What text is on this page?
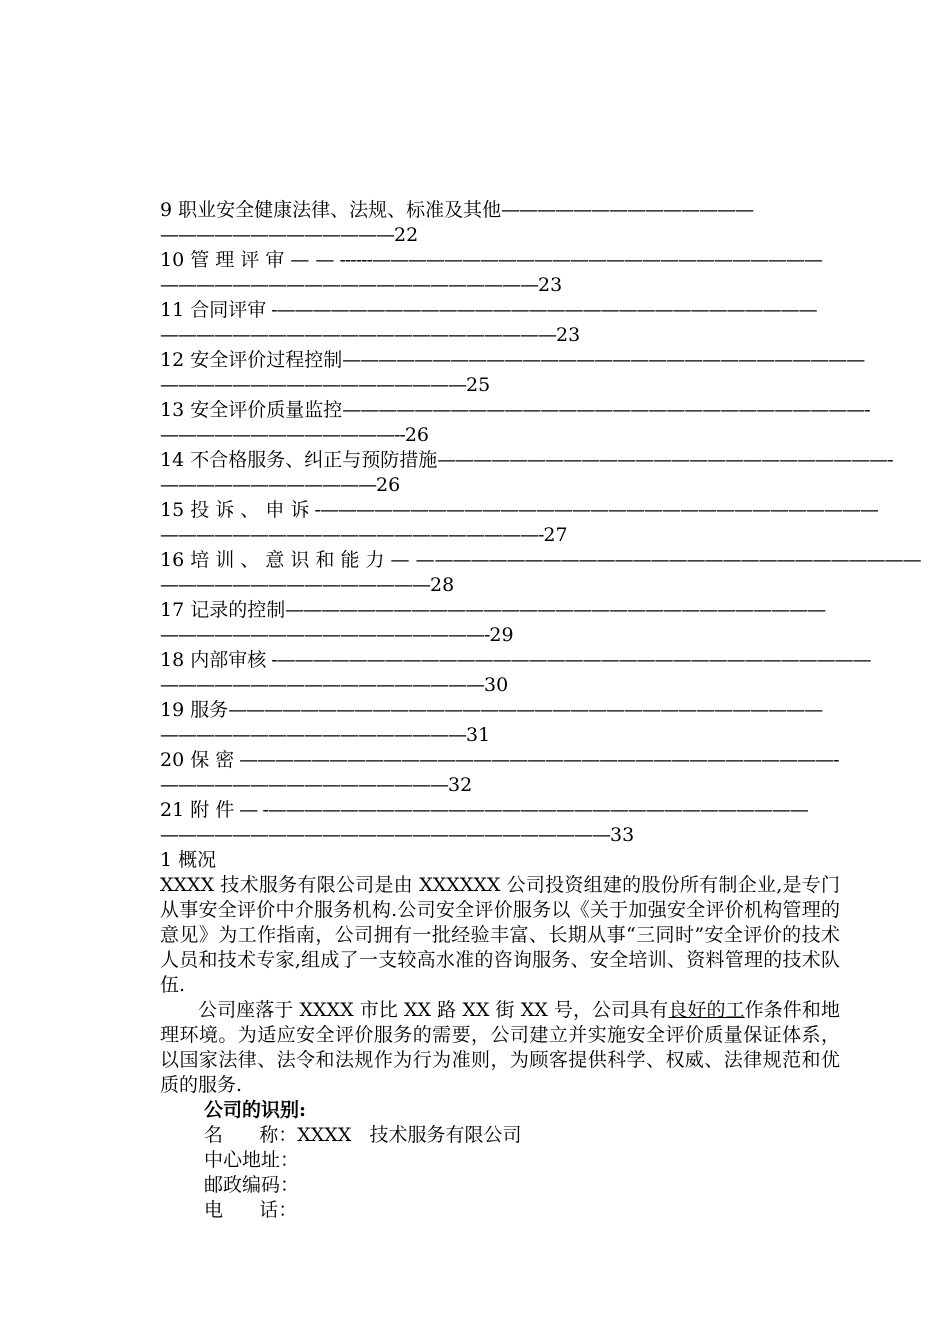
9 职业安全健康法律、法规、标准及其他——————————————
—————————————22
10 管 理 评 审 — — ------—————————————————————————
—————————————————————23
11 合同评审 -——————————————————————————————
——————————————————————23
12 安全评价过程控制—————————————————————————————
—————————————————25
13 安全评价质量监控—————————————————————————————-
—————————————--26
14 不合格服务、纠正与预防措施—————————————————————————-
————————————26
15 投 诉 、 申 诉 -———————————————————————————————
—————————————————————-27
16 培 训 、 意 识 和 能 力 — ————————————————————————————
———————————————28
17 记录的控制——————————————————————————————
——————————————————-29
18 内部审核 -—————————————————————————————————
——————————————————30
19 服务—————————————————————————————————
—————————————————31
20 保 密 —————————————————————————————————-
————————————————32
21 附 件 — -——————————————————————————————
—————————————————————————33
1 概况

XXXX 技术服务有限公司是由 XXXXXX 公司投资组建的股份所有制企业,是专门从事安全评价中介服务机构.公司安全评价服务以《关于加强安全评价机构管理的意见》为工作指南，公司拥有一批经验丰富、长期从事“三同时”安全评价的技术人员和技术专家,组成了一支较高水准的咨询服务、安全培训、资料管理的技术队伍.

公司座落于 XXXX 市比 XX 路 XX 街 XX 号，公司具有良好的工作条件和地理环境。为适应安全评价服务的需要，公司建立并实施安全评价质量保证体系，以国家法律、法令和法规作为行为准则，为顾客提供科学、权威、法律规范和优质的服务.

公司的识别:
名      称：XXXX   技术服务有限公司
中心地址：
邮政编码：
电      话：
